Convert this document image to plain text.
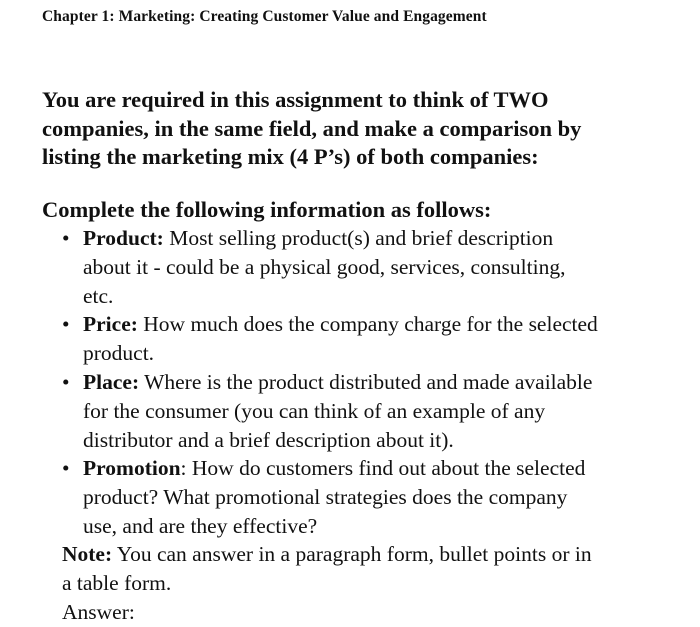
Chapter 1: Marketing: Creating Customer Value and Engagement
You are required in this assignment to think of TWO
companies, in the same field, and make a comparison by
listing the marketing mix (4 P’s) of both companies:
Complete the following information as follows:
• Product: Most selling product(s) and brief description
about it - could be a physical good, services, consulting,
etc.
• Price: How much does the company charge for the selected
product.
• Place: Where is the product distributed and made available
for the consumer (you can think of an example of any
distributor and a brief description about it).
• Promotion: How do customers find out about the selected
product? What promotional strategies does the company
use, and are they effective?
Note: You can answer in a paragraph form, bullet points or in
a table form.
Answer:
